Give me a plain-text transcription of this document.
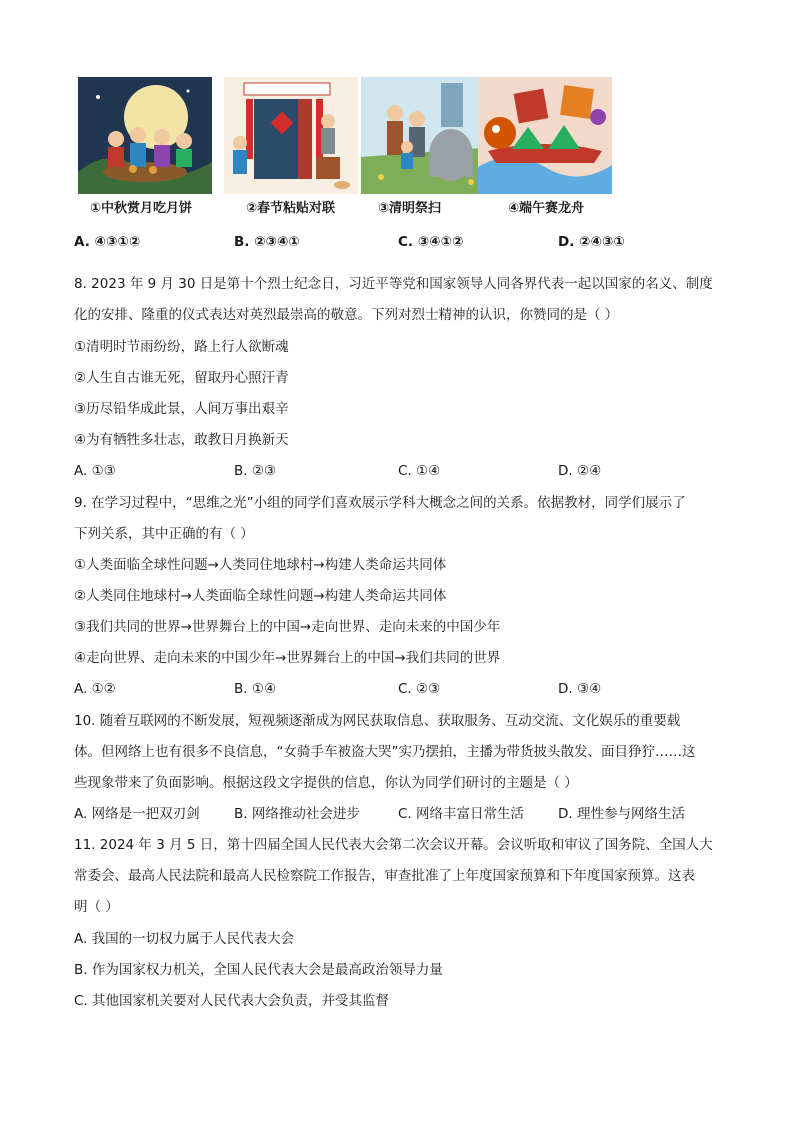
①中秋赏月吃月饼	②春节粘贴对联	③清明祭扫	④端午赛龙舟
A. ④③①②	B. ②③④①	C. ③④①②	D. ②④③①
8. 2023 年 9 月 30 日是第十个烈士纪念日，习近平等党和国家领导人同各界代表一起以国家的名义、制度
化的安排、隆重的仪式表达对英烈最崇高的敬意。下列对烈士精神的认识，你赞同的是（ ）
①清明时节雨纷纷，路上行人欲断魂
②人生自古谁无死，留取丹心照汗青
③历尽铅华成此景，人间万事出艰辛
④为有牺牲多壮志，敢教日月换新天
A. ①③	B. ②③	C. ①④	D. ②④
9. 在学习过程中，“思维之光”小组的同学们喜欢展示学科大概念之间的关系。依据教材，同学们展示了
下列关系，其中正确的有（ ）
①人类面临全球性问题→人类同住地球村→构建人类命运共同体
②人类同住地球村→人类面临全球性问题→构建人类命运共同体
③我们共同的世界→世界舞台上的中国→走向世界、走向未来的中国少年
④走向世界、走向未来的中国少年→世界舞台上的中国→我们共同的世界
A. ①②	B. ①④	C. ②③	D. ③④
10. 随着互联网的不断发展，短视频逐渐成为网民获取信息、获取服务、互动交流、文化娱乐的重要载
体。但网络上也有很多不良信息，“女骑手车被盗大哭”实乃摆拍，主播为带货披头散发、面目狰狞……这
些现象带来了负面影响。根据这段文字提供的信息，你认为同学们研讨的主题是（ ）
A. 网络是一把双刃剑	B. 网络推动社会进步	C. 网络丰富日常生活	D. 理性参与网络生活
11. 2024 年 3 月 5 日，第十四届全国人民代表大会第二次会议开幕。会议听取和审议了国务院、全国人大
常委会、最高人民法院和最高人民检察院工作报告，审查批准了上年度国家预算和下年度国家预算。这表
明（ ）
A. 我国的一切权力属于人民代表大会
B. 作为国家权力机关，全国人民代表大会是最高政治领导力量
C. 其他国家机关要对人民代表大会负责，并受其监督
